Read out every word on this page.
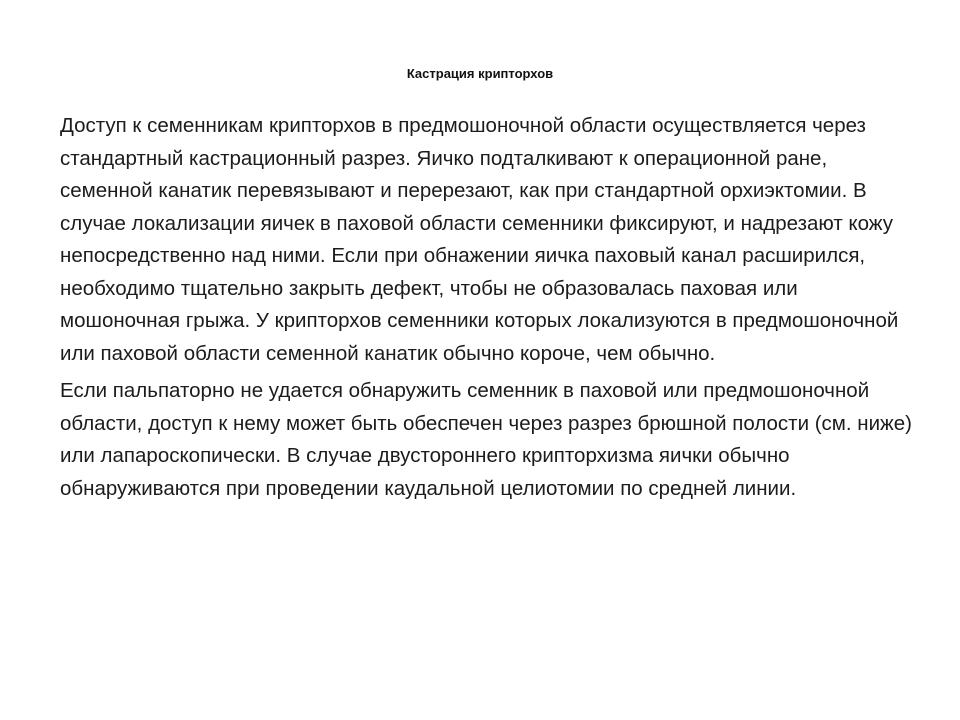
Кастрация крипторхов

Доступ к семенникам крипторхов в предмошоночной области осуществляется через стандартный кастрационный разрез. Яичко подталкивают к операционной ране, семенной канатик перевязывают и перерезают, как при стандартной орхиэктомии. В случае локализации яичек в паховой области семенники фиксируют, и надрезают кожу непосредственно над ними. Если при обнажении яичка паховый канал расширился, необходимо тщательно закрыть дефект, чтобы не образовалась паховая или мошоночная грыжа. У крипторхов семенники которых локализуются в предмошоночной или паховой области семенной канатик обычно короче, чем обычно.

Если пальпаторно не удается обнаружить семенник в паховой или предмошоночной области, доступ к нему может быть обеспечен через разрез брюшной полости (см. ниже) или лапароскопически. В случае двустороннего крипторхизма яички обычно обнаруживаются при проведении каудальной целиотомии по средней линии.
